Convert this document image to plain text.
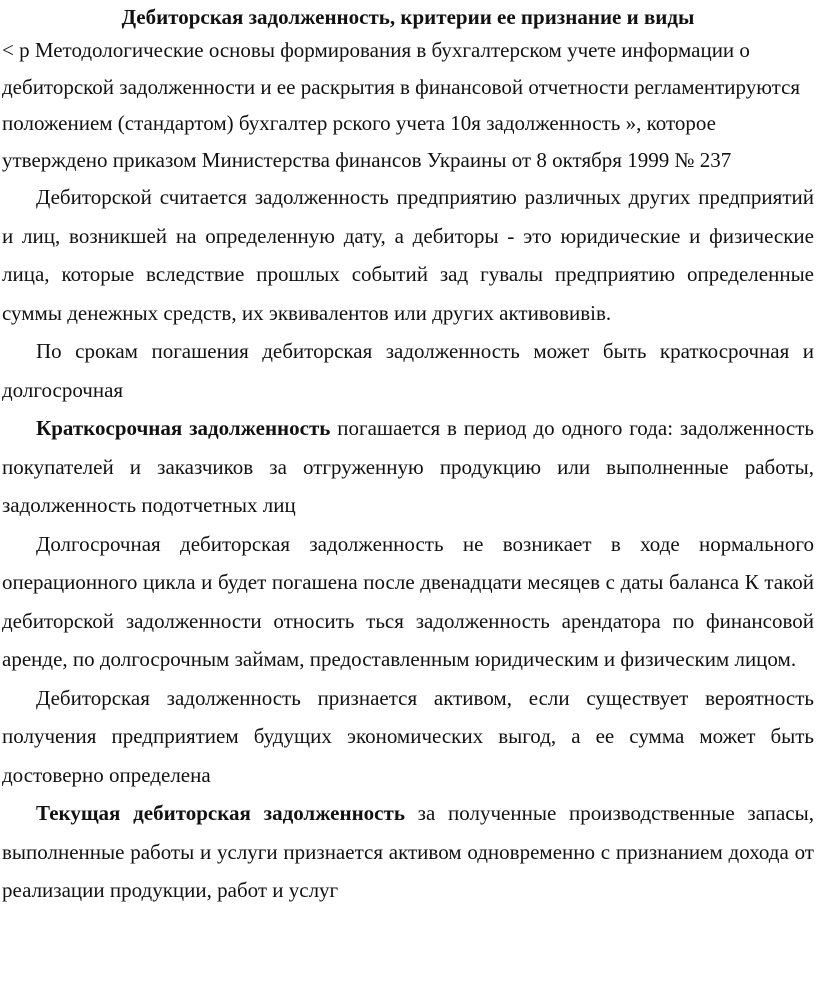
Дебиторская задолженность, критерии ее признание и виды

< p Методологические основы формирования в бухгалтерском учете информации о дебиторской задолженности и ее раскрытия в финансовой отчетности регламентируются положением (стандартом) бухгалтер рского учета 10я задолженность », которое утверждено приказом Министерства финансов Украины от 8 октября 1999 № 237

Дебиторской считается задолженность предприятию различных других предприятий и лиц, возникшей на определенную дату, а дебиторы - это юридические и физические лица, которые вследствие прошлых событий зад гувалы предприятию определенные суммы денежных средств, их эквивалентов или других активовивів.

По срокам погашения дебиторская задолженность может быть краткосрочная и долгосрочная

Краткосрочная задолженность погашается в период до одного года: задолженность покупателей и заказчиков за отгруженную продукцию или выполненные работы, задолженность подотчетных лиц

Долгосрочная дебиторская задолженность не возникает в ходе нормального операционного цикла и будет погашена после двенадцати месяцев с даты баланса К такой дебиторской задолженности относить ться задолженность арендатора по финансовой аренде, по долгосрочным займам, предоставленным юридическим и физическим лицом.

Дебиторская задолженность признается активом, если существует вероятность получения предприятием будущих экономических выгод, а ее сумма может быть достоверно определена

Текущая дебиторская задолженность за полученные производственные запасы, выполненные работы и услуги признается активом одновременно с признанием дохода от реализации продукции, работ и услуг
